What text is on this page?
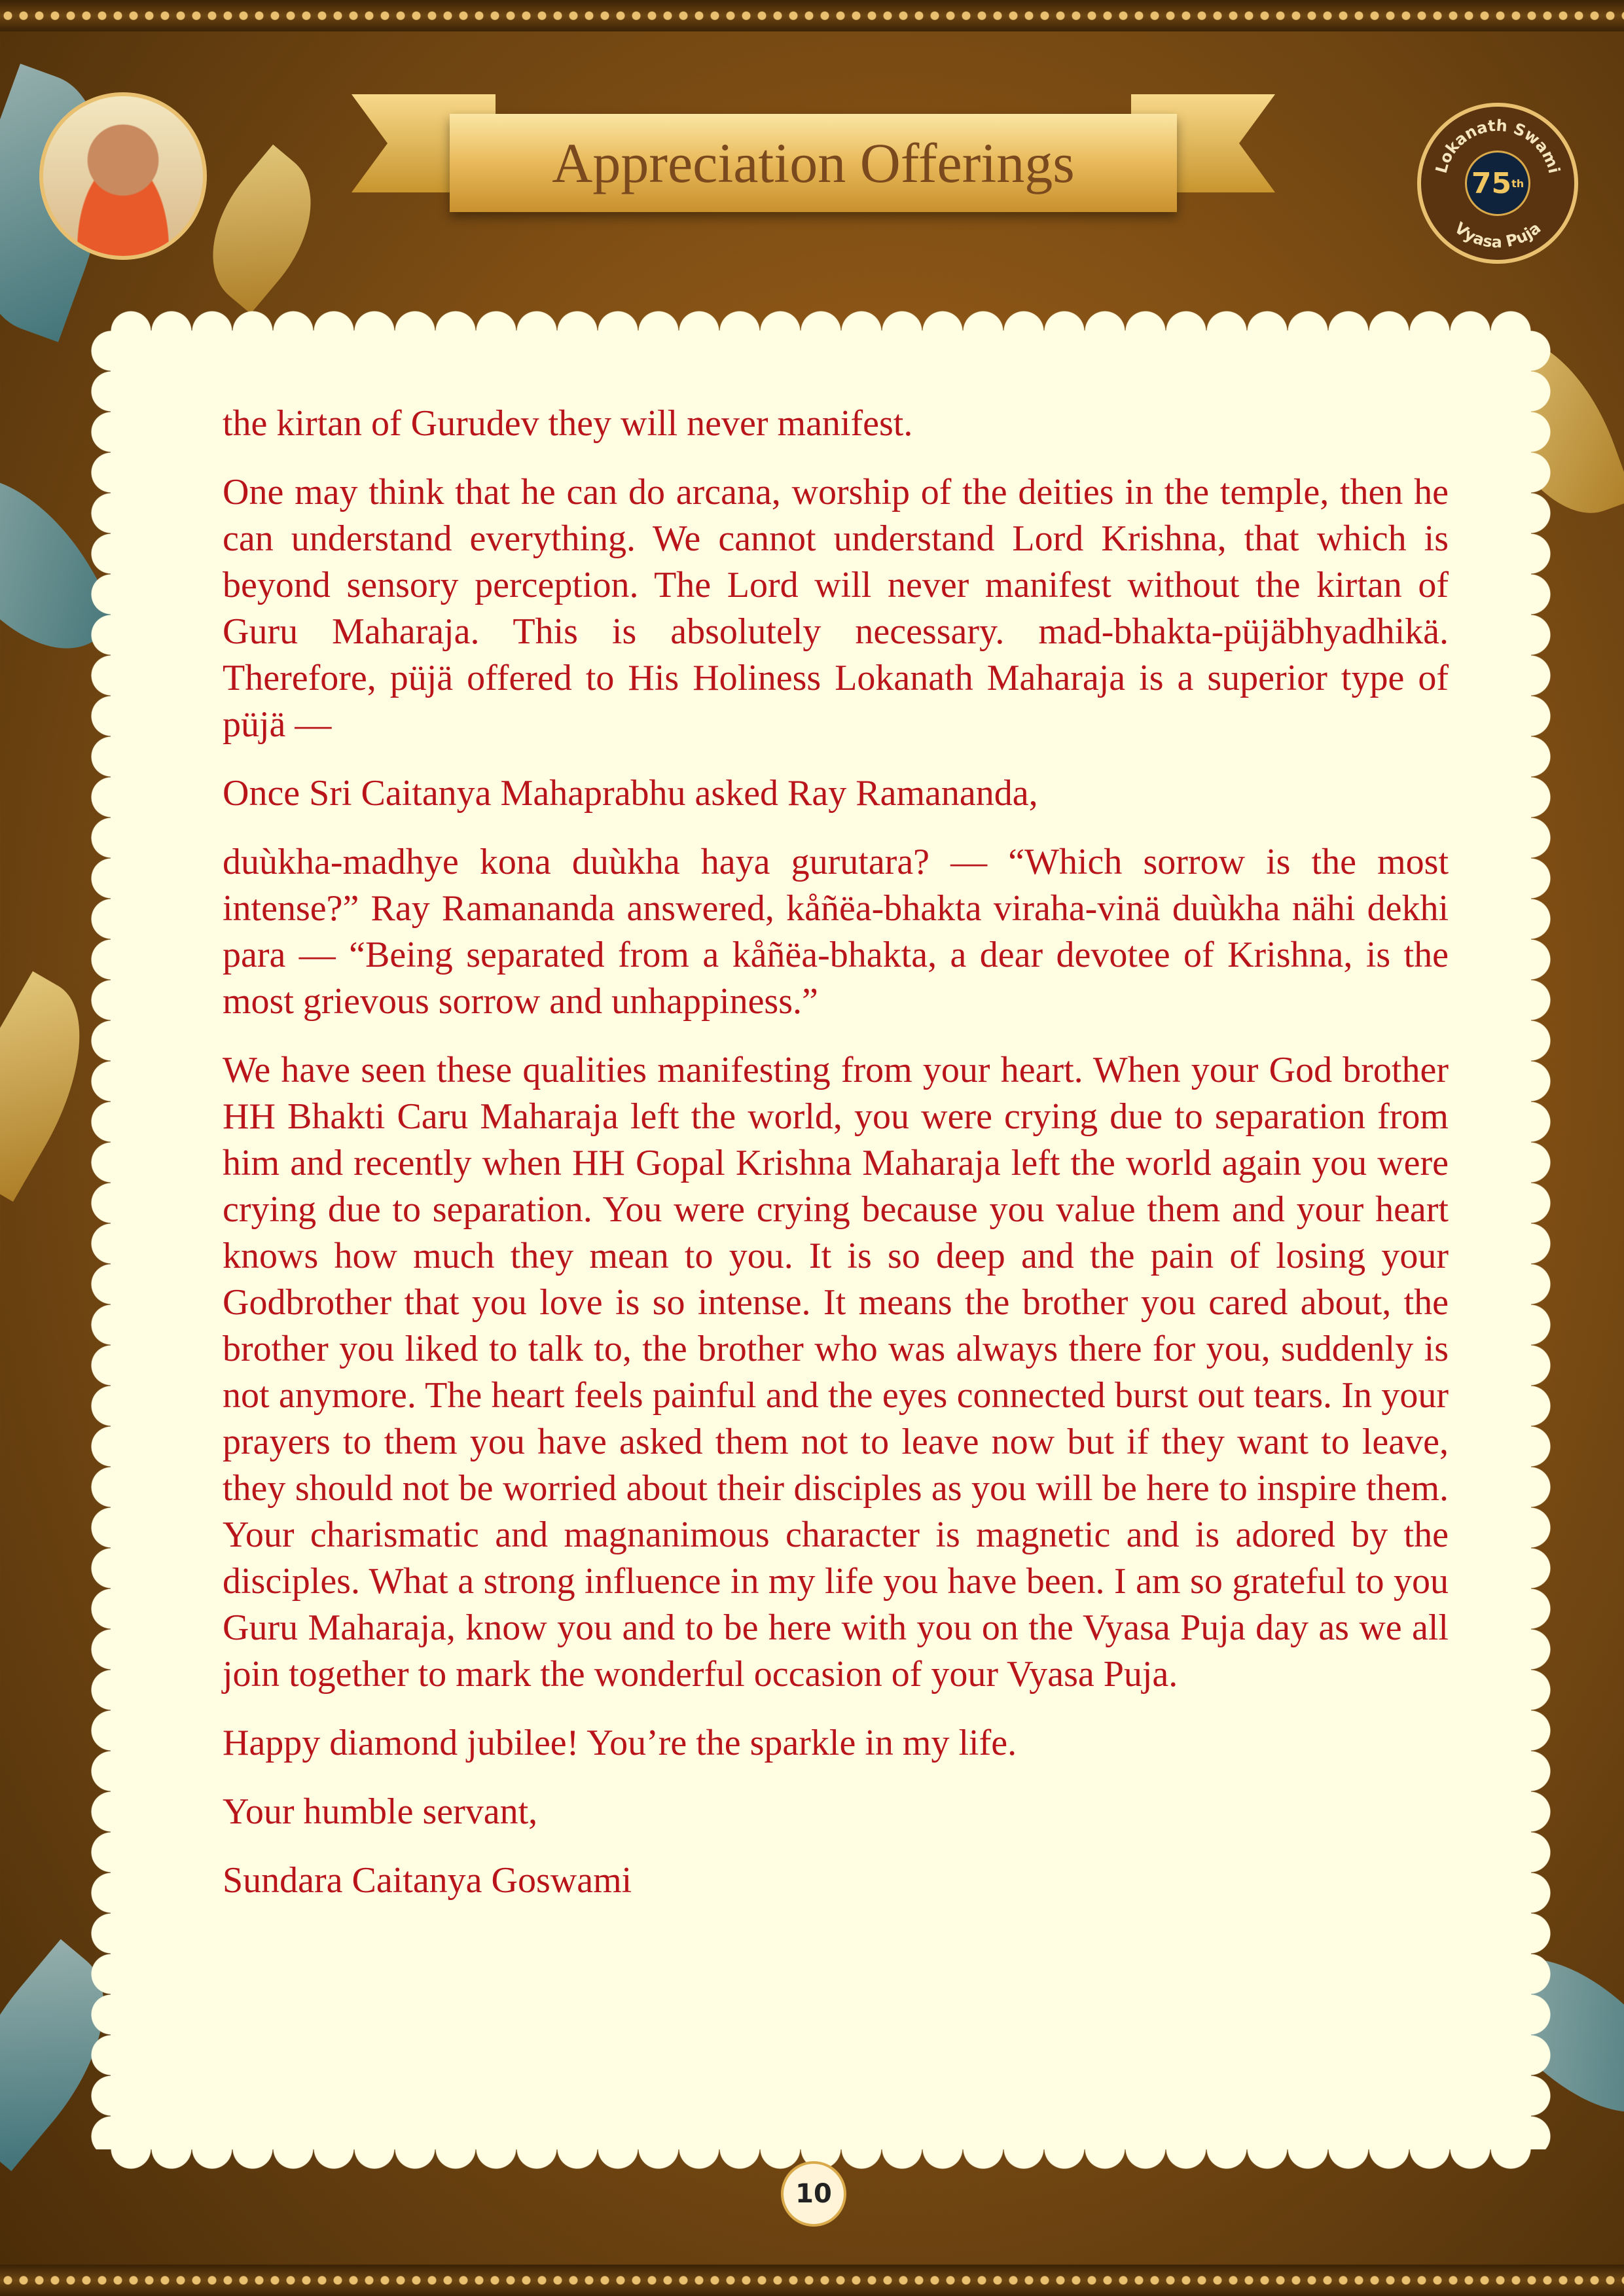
Appreciation Offerings	75 th
Lokanath Swami
Vyasa Puja

the kirtan of Gurudev they will never manifest.

One may think that he can do arcana, worship of the deities in the temple, then he can understand everything. We cannot understand Lord Krishna, that which is beyond sensory perception. The Lord will never manifest without the kirtan of Guru Maharaja. This is absolutely necessary. mad-bhakta-püjäbhyadhikä. Therefore, püjä offered to His Holiness Lokanath Maharaja is a superior type of püjä —

Once Sri Caitanya Mahaprabhu asked Ray Ramananda,

duùkha-madhye kona duùkha haya gurutara? — “Which sorrow is the most intense?” Ray Ramananda answered, kåñëa-bhakta viraha-vinä duùkha nähi dekhi para — “Being separated from a kåñëa-bhakta, a dear devotee of Krishna, is the most grievous sorrow and unhappiness.”

We have seen these qualities manifesting from your heart. When your God brother HH Bhakti Caru Maharaja left the world, you were crying due to separation from him and recently when HH Gopal Krishna Maharaja left the world again you were crying due to separation. You were crying because you value them and your heart knows how much they mean to you. It is so deep and the pain of losing your Godbrother that you love is so intense. It means the brother you cared about, the brother you liked to talk to, the brother who was always there for you, suddenly is not anymore. The heart feels painful and the eyes connected burst out tears. In your prayers to them you have asked them not to leave now but if they want to leave, they should not be worried about their disciples as you will be here to inspire them. Your charismatic and magnanimous character is magnetic and is adored by the disciples. What a strong influence in my life you have been. I am so grateful to you Guru Maharaja, know you and to be here with you on the Vyasa Puja day as we all join together to mark the wonderful occasion of your Vyasa Puja.

Happy diamond jubilee! You’re the sparkle in my life.

Your humble servant,

Sundara Caitanya Goswami

10
